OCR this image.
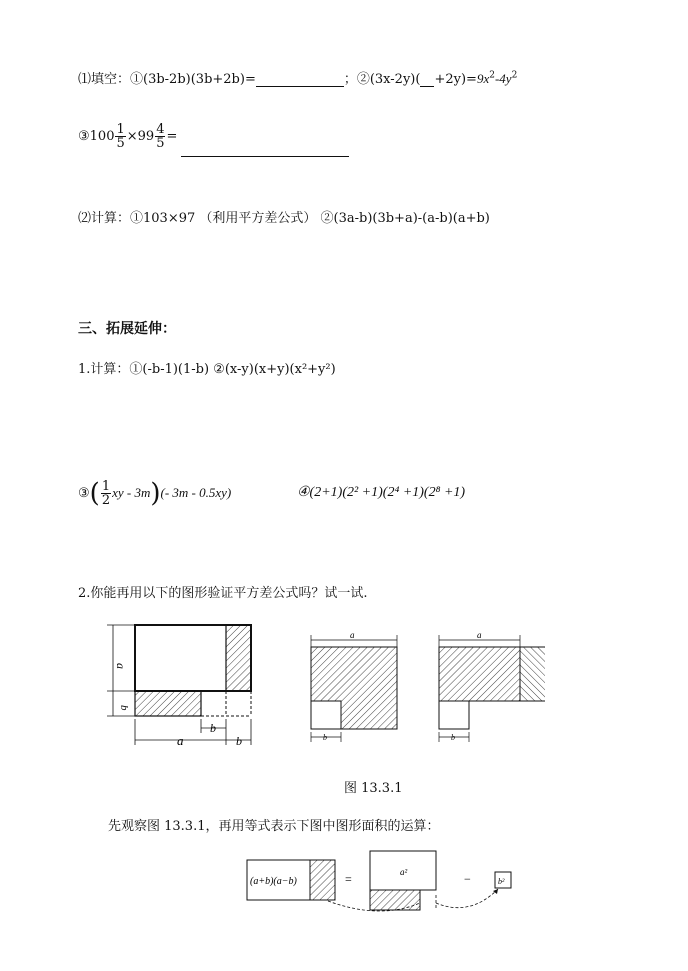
⑴填空：①(3b-2b)(3b+2b)=	；②(3x-2y)( $+2y)=9x^2-4y^2$
③100 $\frac{1}{5} \times 99 \frac{4}{5}$ =
⑵计算：①103×97 （利用平方差公式） ②(3a-b)(3b+a)-(a-b)(a+b)
三、拓展延伸：
1.计算：①(-b-1)(1-b) ②(x-y)(x+y)(x²+y²)
③( $\frac{1}{2}$ xy - 3m)(- 3m - 0.5xy)	④(2+1)(2² +1)(2⁴ +1)(2⁸ +1)
2.你能再用以下的图形验证平方差公式吗？试一试.
a
b
a
b
b
a
b
a
b
图 13.3.1
先观察图 13.3.1，再用等式表示下图中图形面积的运算：
(a+b)(a−b)	=	a²	−	b²
